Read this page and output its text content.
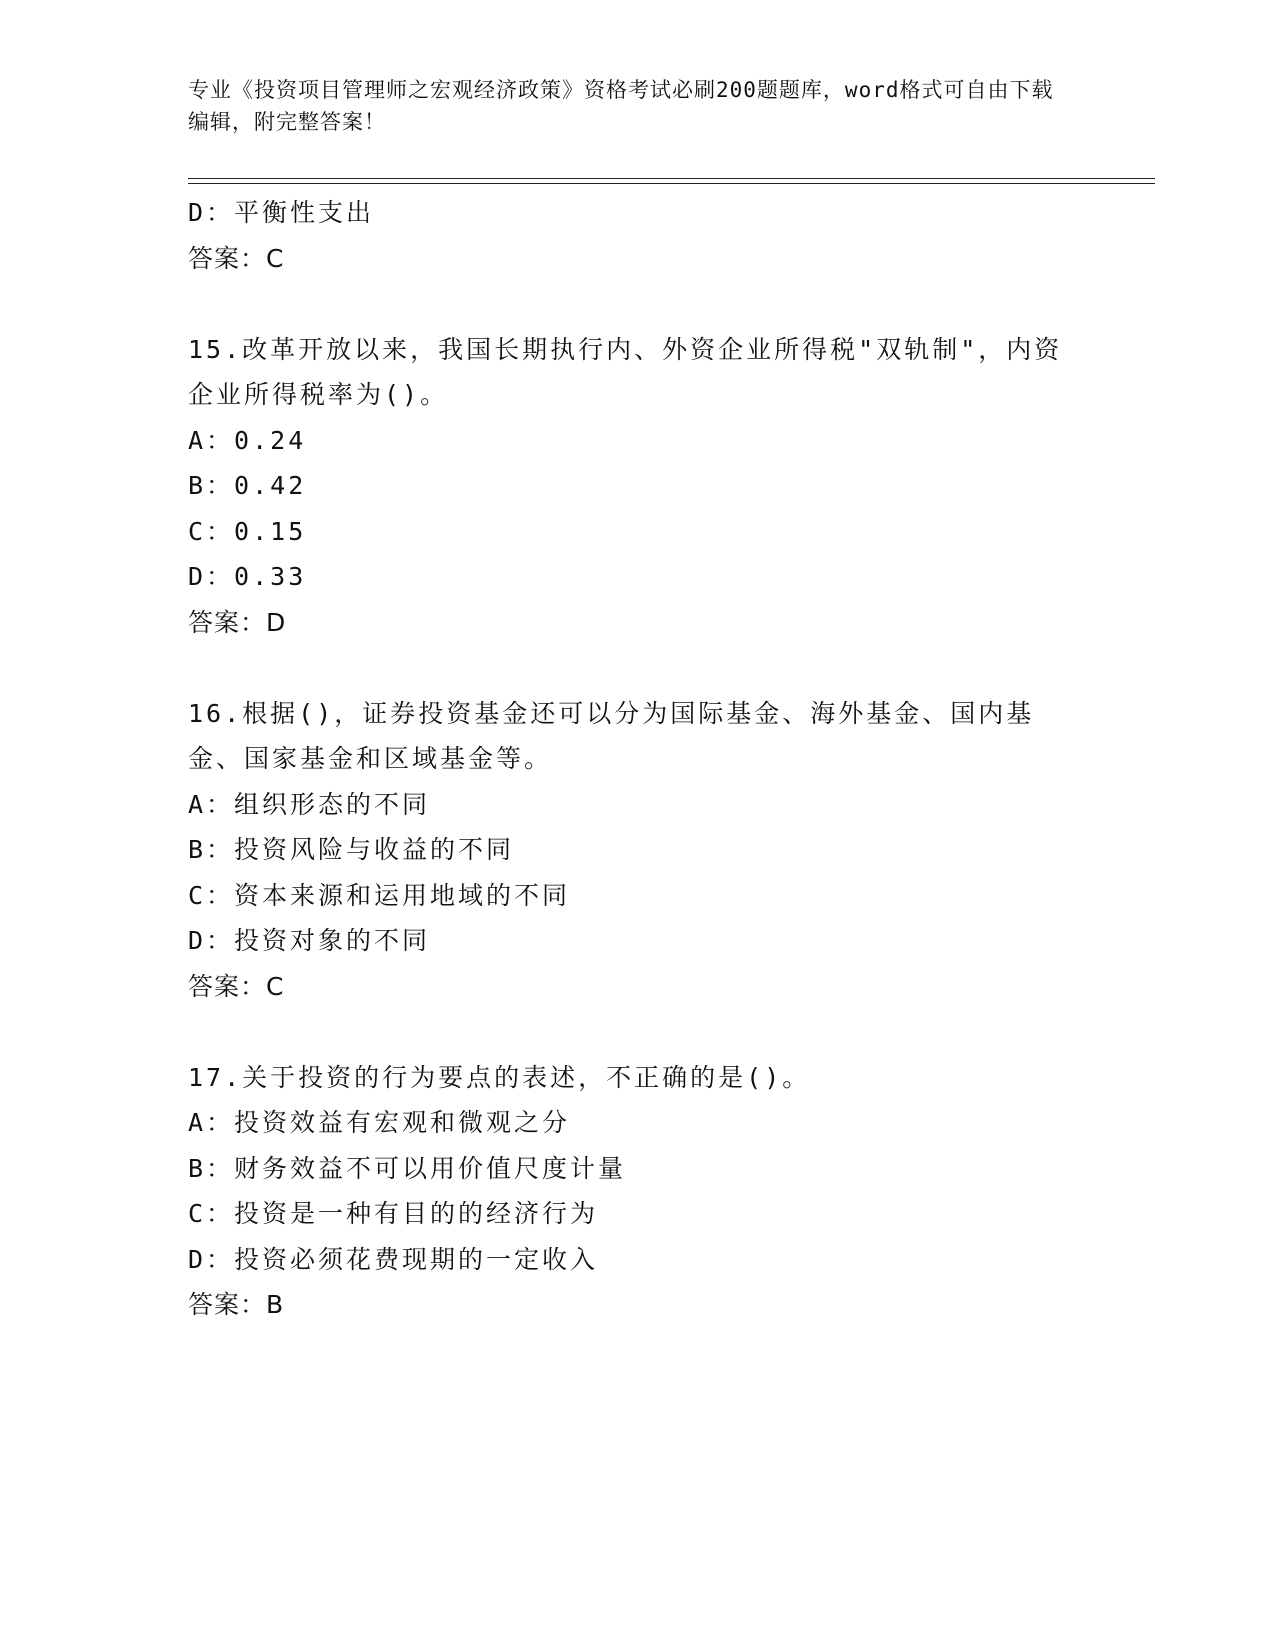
专业《投资项目管理师之宏观经济政策》资格考试必刷200题题库，word格式可自由下载编辑，附完整答案！

D：平衡性支出

答案：C

15.改革开放以来，我国长期执行内、外资企业所得税"双轨制"，内资企业所得税率为()。

A：0.24

B：0.42

C：0.15

D：0.33

答案：D

16.根据()，证券投资基金还可以分为国际基金、海外基金、国内基金、国家基金和区域基金等。

A：组织形态的不同

B：投资风险与收益的不同

C：资本来源和运用地域的不同

D：投资对象的不同

答案：C

17.关于投资的行为要点的表述，不正确的是()。

A：投资效益有宏观和微观之分

B：财务效益不可以用价值尺度计量

C：投资是一种有目的的经济行为

D：投资必须花费现期的一定收入

答案：B
